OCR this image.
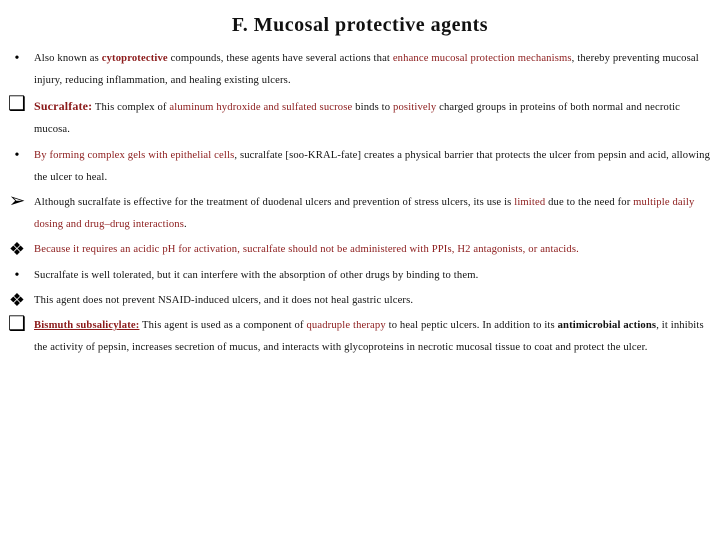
F. Mucosal protective agents
•	Also known as cytoprotective compounds, these agents have several actions that enhance mucosal protection mechanisms, thereby preventing mucosal injury, reducing inflammation, and healing existing ulcers.
❑ Sucralfate: This complex of aluminum hydroxide and sulfated sucrose binds to positively charged groups in proteins of both normal and necrotic mucosa.
•	By forming complex gels with epithelial cells, sucralfate [soo-KRAL-fate] creates a physical barrier that protects the ulcer from pepsin and acid, allowing the ulcer to heal.
➢ Although sucralfate is effective for the treatment of duodenal ulcers and prevention of stress ulcers, its use is limited due to the need for multiple daily dosing and drug–drug interactions.
❖ Because it requires an acidic pH for activation, sucralfate should not be administered with PPIs, H2 antagonists, or antacids.
•	Sucralfate is well tolerated, but it can interfere with the absorption of other drugs by binding to them.
❖ This agent does not prevent NSAID-induced ulcers, and it does not heal gastric ulcers.
❑ Bismuth subsalicylate: This agent is used as a component of quadruple therapy to heal peptic ulcers. In addition to its antimicrobial actions, it inhibits the activity of pepsin, increases secretion of mucus, and interacts with glycoproteins in necrotic mucosal tissue to coat and protect the ulcer.
